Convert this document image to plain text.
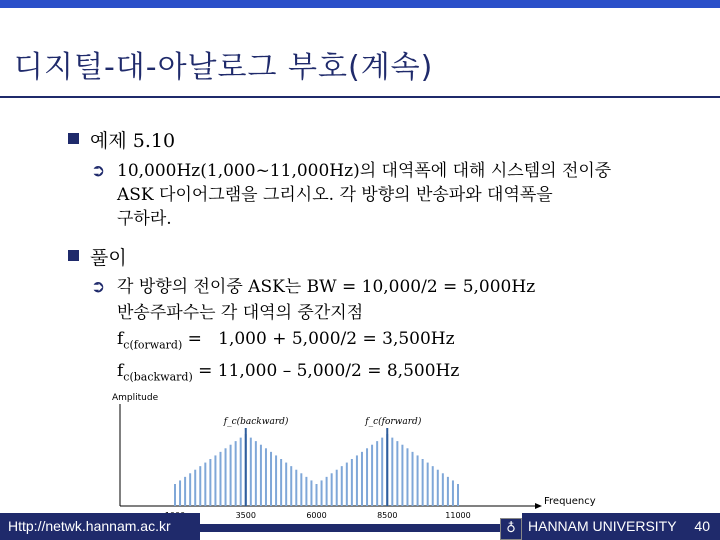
디지털-대-아날로그 부호(계속)
예제 5.10
➲ 10,000Hz(1,000~11,000Hz)의 대역폭에 대해 시스템의 전이중
ASK 다이어그램을 그리시오. 각 방향의 반송파와 대역폭을
구하라.
풀이
➲ 각 방향의 전이중 ASK는 BW = 10,000/2 = 5,000Hz
반송주파수는 각 대역의 중간지점
$f_{c(forward)} = 1,000 + 5,000/2 = 3,500Hz$
$f_{c(backward)} = 11,000 - 5,000/2 = 8,500Hz$
Amplitude
Frequency
3500	6000	8500	11000
f_c(backward)	f_c(forward)
Http://netwk.hannam.ac.kr	♁ HANNAM UNIVERSITY 40
